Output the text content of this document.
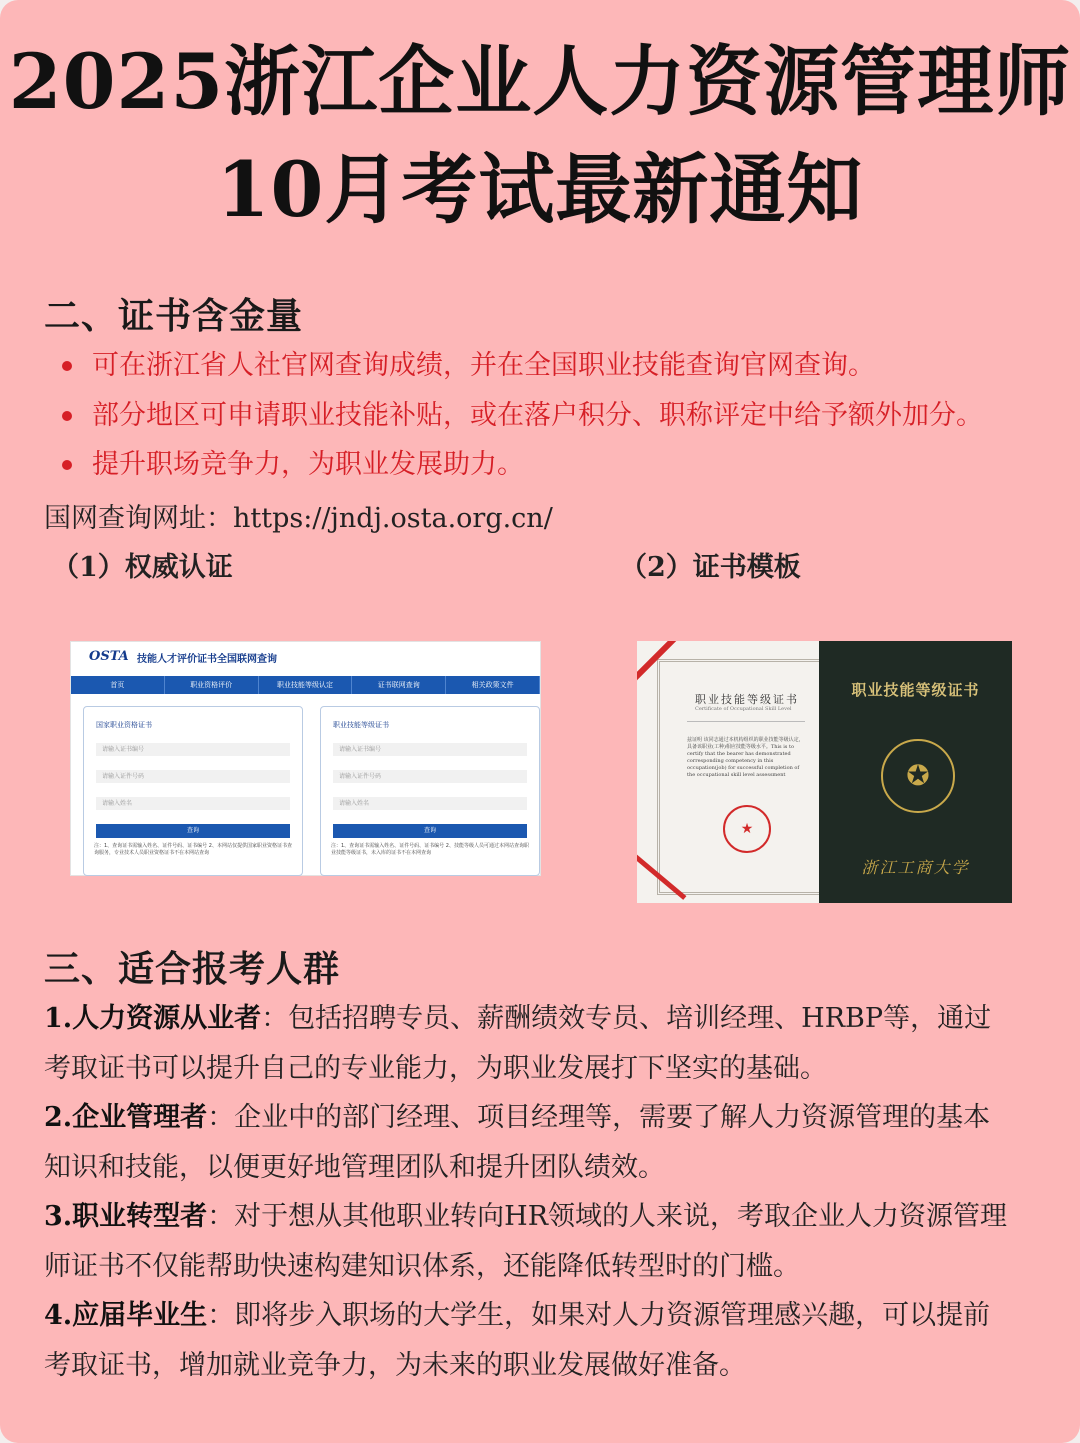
2025浙江企业人力资源管理师
10月考试最新通知
二、证书含金量
可在浙江省人社官网查询成绩，并在全国职业技能查询官网查询。
部分地区可申请职业技能补贴，或在落户积分、职称评定中给予额外加分。
提升职场竞争力，为职业发展助力。
国网查询网址：https://jndj.osta.org.cn/
（1）权威认证	（2）证书模板
OSTA 技能人才评价证书全国联网查询
首页	职业资格评价	职业技能等级认定	证书联网查询	相关政策文件
国家职业资格证书
请输入证书编号
请输入证件号码
请输入姓名
查询
注：1、查询证书需输入姓名、证件号码、证书编号 2、本网站仅提供国家职业资格证书查询服务，专业技术人员职业资格证书不在本网站查询
职业技能等级证书
请输入证书编号
请输入证件号码
请输入姓名
查询
注：1、查询证书需输入姓名、证件号码、证书编号 2、技能等级人员可通过本网站查询职业技能等级证书，未入库的证书不在本网查询
职业技能等级证书
Certificate of Occupational Skill Level
兹证明 该同志通过本机构组织的职业技能等级认定，具备该职业(工种)相应技能等级水平。This is to certify that the bearer has demonstrated corresponding competency in this occupation(job) for successful completion of the occupational skill level assessment
★
职业技能等级证书
✪
浙江工商大学
三、适合报考人群
1.人力资源从业者：包括招聘专员、薪酬绩效专员、培训经理、HRBP等，通过
考取证书可以提升自己的专业能力，为职业发展打下坚实的基础。
2.企业管理者：企业中的部门经理、项目经理等，需要了解人力资源管理的基本
知识和技能，以便更好地管理团队和提升团队绩效。
3.职业转型者：对于想从其他职业转向HR领域的人来说，考取企业人力资源管理
师证书不仅能帮助快速构建知识体系，还能降低转型时的门槛。
4.应届毕业生：即将步入职场的大学生，如果对人力资源管理感兴趣，可以提前
考取证书，增加就业竞争力，为未来的职业发展做好准备。
